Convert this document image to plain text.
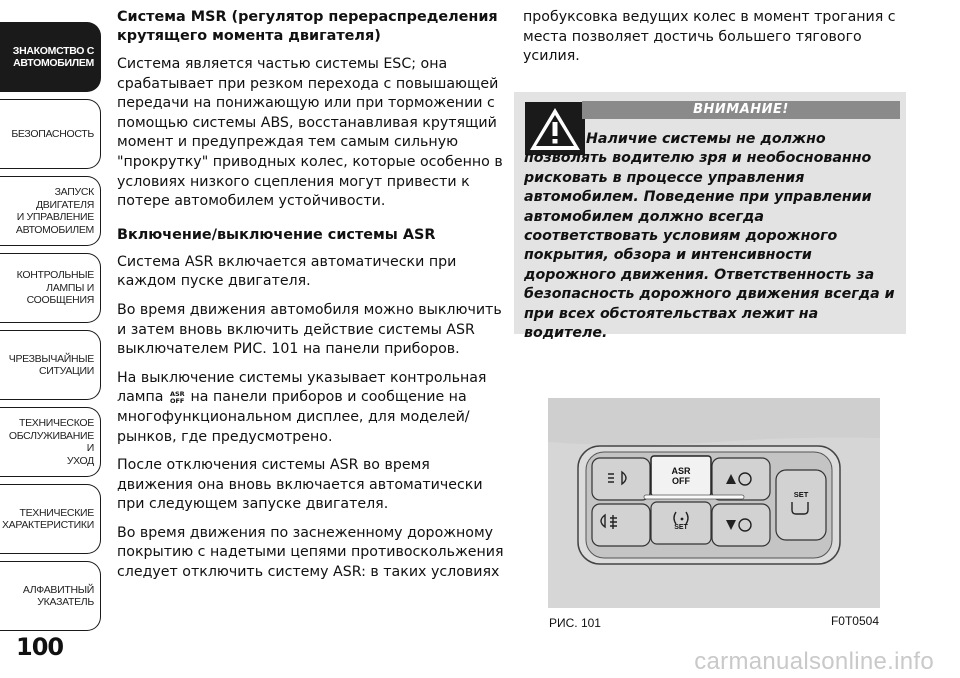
ЗНАКОМСТВО С
АВТОМОБИЛЕМ
БЕЗОПАСНОСТЬ
ЗАПУСК ДВИГАТЕЛЯ
И УПРАВЛЕНИЕ
АВТОМОБИЛЕМ
КОНТРОЛЬНЫЕ
ЛАМПЫ И
СООБЩЕНИЯ
ЧРЕЗВЫЧАЙНЫЕ
СИТУАЦИИ
ТЕХНИЧЕСКОЕ
ОБСЛУЖИВАНИЕ И
УХОД
ТЕХНИЧЕСКИЕ
ХАРАКТЕРИСТИКИ
АЛФАВИТНЫЙ
УКАЗАТЕЛЬ
100
Система MSR (регулятор перераспределения крутящего момента двигателя)

Система является частью системы ESC; она срабатывает при резком перехода с повышающей передачи на понижающую или при торможении с помощью системы ABS, восстанавливая крутящий момент и предупреждая тем самым сильную "прокрутку" приводных колес, которые особенно в условиях низкого сцепления могут привести к потере автомобилем устойчивости.

Включение/выключение системы ASR

Система ASR включается автоматически при каждом пуске двигателя.

Во время движения автомобиля можно выключить и затем вновь включить действие системы ASR выключателем РИС. 101 на панели приборов.

На выключение системы указывает контрольная лампа ASR
OFF на панели приборов и сообщение на многофункциональном дисплее, для моделей/рынков, где предусмотрено.

После отключения системы ASR во время движения она вновь включается автоматически при следующем запуске двигателя.

Во время движения по заснеженному дорожному покрытию с надетыми цепями противоскольжения следует отключить систему ASR: в таких условиях

пробуксовка ведущих колес в момент трогания с места позволяет достичь большего тягового усилия.

ВНИМАНИЕ!
Наличие системы не должно позволять водителю зря и необоснованно рисковать в процессе управления автомобилем. Поведение при управлении автомобилем должно всегда соответствовать условиям дорожного покрытия, обзора и интенсивности дорожного движения. Ответственность за безопасность дорожного движения всегда и при всех обстоятельствах лежит на водителе.
ASR
OFF
SET
SET
РИС. 101	F0T0504
carmanualsonline.info
